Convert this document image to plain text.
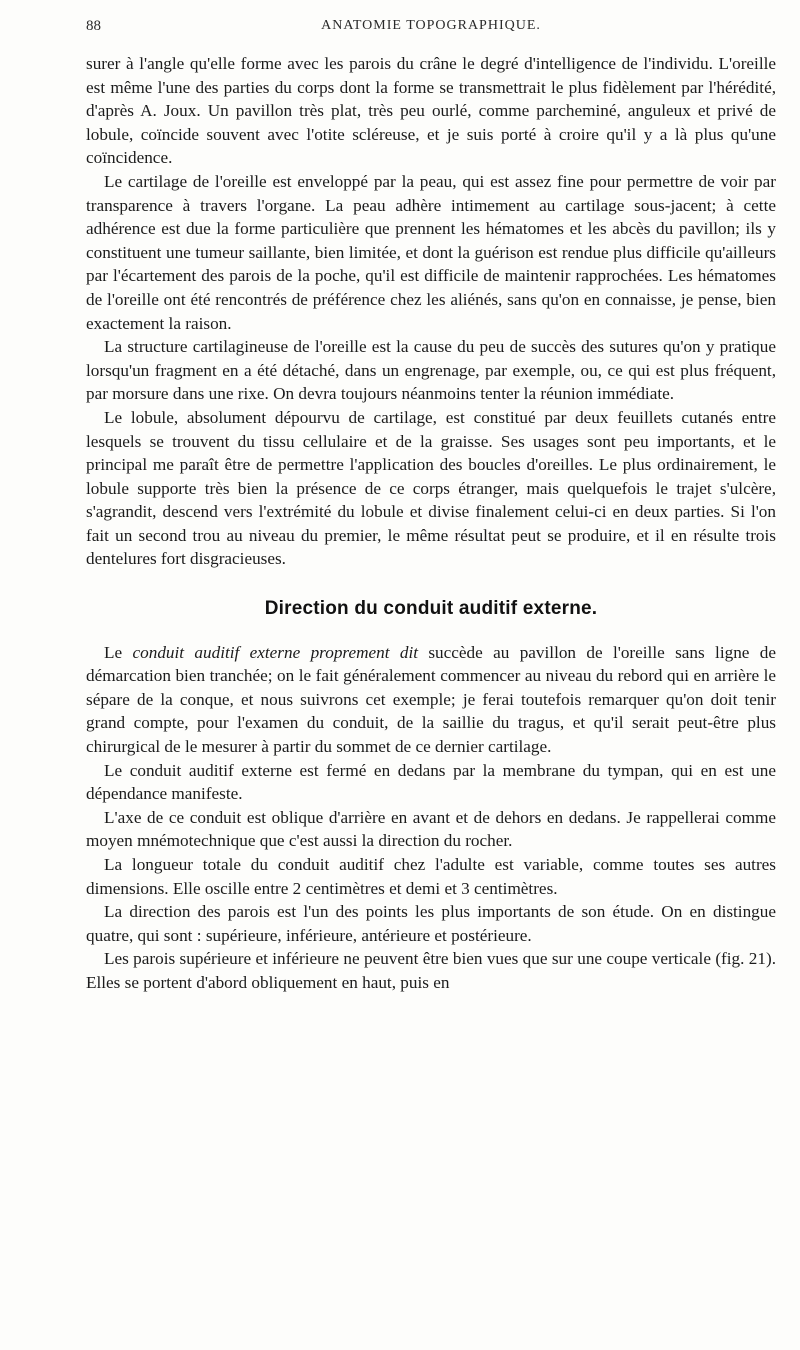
88	ANATOMIE TOPOGRAPHIQUE.

surer à l'angle qu'elle forme avec les parois du crâne le degré d'intelligence de l'individu. L'oreille est même l'une des parties du corps dont la forme se transmettrait le plus fidèlement par l'hérédité, d'après A. Joux. Un pavillon très plat, très peu ourlé, comme parcheminé, anguleux et privé de lobule, coïncide souvent avec l'otite scléreuse, et je suis porté à croire qu'il y a là plus qu'une coïncidence.

Le cartilage de l'oreille est enveloppé par la peau, qui est assez fine pour permettre de voir par transparence à travers l'organe. La peau adhère intimement au cartilage sous-jacent; à cette adhérence est due la forme particulière que prennent les hématomes et les abcès du pavillon; ils y constituent une tumeur saillante, bien limitée, et dont la guérison est rendue plus difficile qu'ailleurs par l'écartement des parois de la poche, qu'il est difficile de maintenir rapprochées. Les hématomes de l'oreille ont été rencontrés de préférence chez les aliénés, sans qu'on en connaisse, je pense, bien exactement la raison.

La structure cartilagineuse de l'oreille est la cause du peu de succès des sutures qu'on y pratique lorsqu'un fragment en a été détaché, dans un engrenage, par exemple, ou, ce qui est plus fréquent, par morsure dans une rixe. On devra toujours néanmoins tenter la réunion immédiate.

Le lobule, absolument dépourvu de cartilage, est constitué par deux feuillets cutanés entre lesquels se trouvent du tissu cellulaire et de la graisse. Ses usages sont peu importants, et le principal me paraît être de permettre l'application des boucles d'oreilles. Le plus ordinairement, le lobule supporte très bien la présence de ce corps étranger, mais quelquefois le trajet s'ulcère, s'agrandit, descend vers l'extrémité du lobule et divise finalement celui-ci en deux parties. Si l'on fait un second trou au niveau du premier, le même résultat peut se produire, et il en résulte trois dentelures fort disgracieuses.

Direction du conduit auditif externe.

Le conduit auditif externe proprement dit succède au pavillon de l'oreille sans ligne de démarcation bien tranchée; on le fait généralement commencer au niveau du rebord qui en arrière le sépare de la conque, et nous suivrons cet exemple; je ferai toutefois remarquer qu'on doit tenir grand compte, pour l'examen du conduit, de la saillie du tragus, et qu'il serait peut-être plus chirurgical de le mesurer à partir du sommet de ce dernier cartilage.

Le conduit auditif externe est fermé en dedans par la membrane du tympan, qui en est une dépendance manifeste.

L'axe de ce conduit est oblique d'arrière en avant et de dehors en dedans. Je rappellerai comme moyen mnémotechnique que c'est aussi la direction du rocher.

La longueur totale du conduit auditif chez l'adulte est variable, comme toutes ses autres dimensions. Elle oscille entre 2 centimètres et demi et 3 centimètres.

La direction des parois est l'un des points les plus importants de son étude. On en distingue quatre, qui sont : supérieure, inférieure, antérieure et postérieure.

Les parois supérieure et inférieure ne peuvent être bien vues que sur une coupe verticale (fig. 21). Elles se portent d'abord obliquement en haut, puis en
